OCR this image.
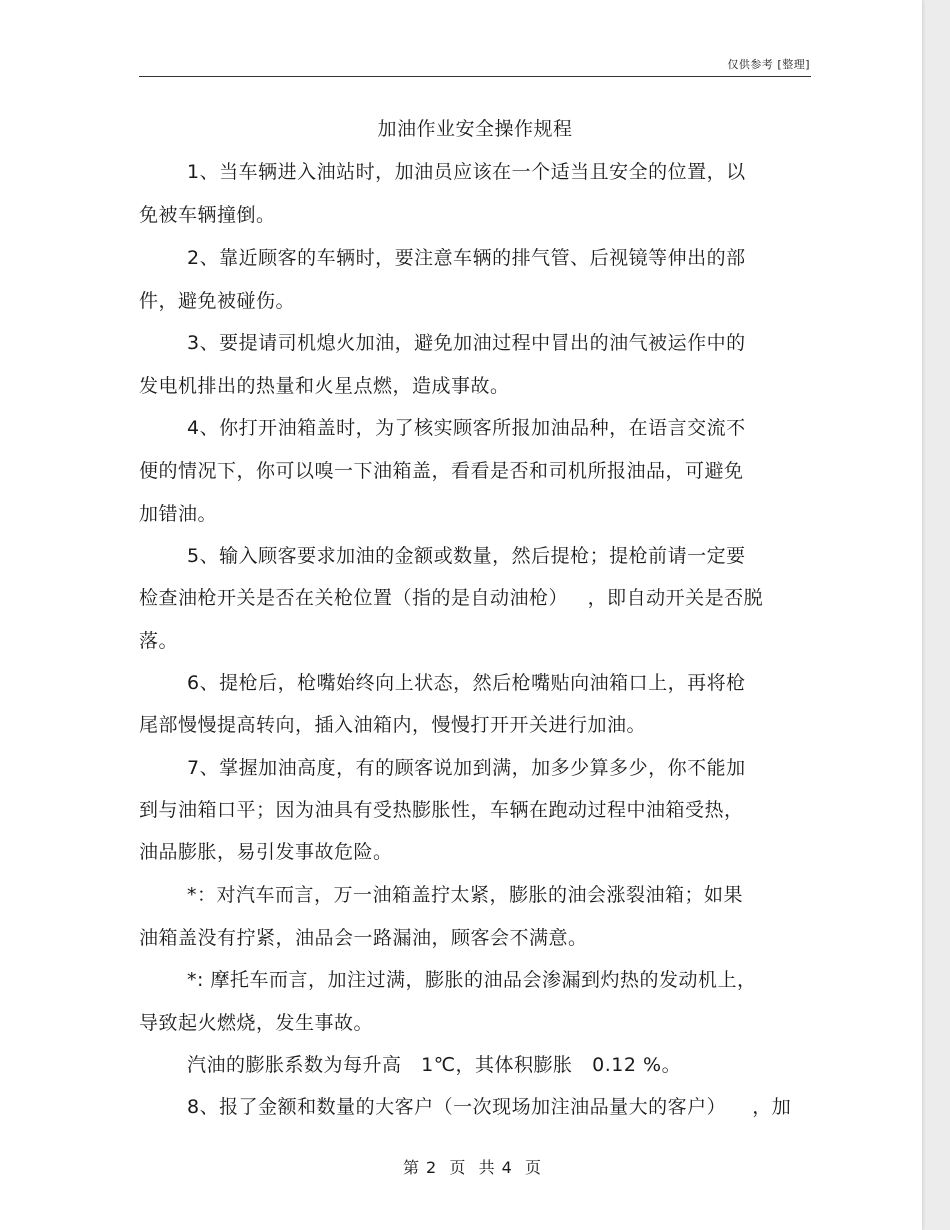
仅供参考 [整理]
加油作业安全操作规程
1、当车辆进入油站时，加油员应该在一个适当且安全的位置，以
免被车辆撞倒。
2、靠近顾客的车辆时，要注意车辆的排气管、后视镜等伸出的部
件，避免被碰伤。
3、要提请司机熄火加油，避免加油过程中冒出的油气被运作中的
发电机排出的热量和火星点燃，造成事故。
4、你打开油箱盖时，为了核实顾客所报加油品种，在语言交流不
便的情况下，你可以嗅一下油箱盖，看看是否和司机所报油品，可避免
加错油。
5、输入顾客要求加油的金额或数量，然后提枪；提枪前请一定要
检查油枪开关是否在关枪位置（指的是自动油枪）   ，即自动开关是否脱
落。
6、提枪后，枪嘴始终向上状态，然后枪嘴贴向油箱口上，再将枪
尾部慢慢提高转向，插入油箱内，慢慢打开开关进行加油。
7、掌握加油高度，有的顾客说加到满，加多少算多少，你不能加
到与油箱口平；因为油具有受热膨胀性，车辆在跑动过程中油箱受热，
油品膨胀，易引发事故危险。
*：对汽车而言，万一油箱盖拧太紧，膨胀的油会涨裂油箱；如果
油箱盖没有拧紧，油品会一路漏油，顾客会不满意。
*: 摩托车而言，加注过满，膨胀的油品会渗漏到灼热的发动机上，
导致起火燃烧，发生事故。
汽油的膨胀系数为每升高   1℃，其体积膨胀   0.12 %。
8、报了金额和数量的大客户（一次现场加注油品量大的客户）    ，加
第 2  页  共 4  页
